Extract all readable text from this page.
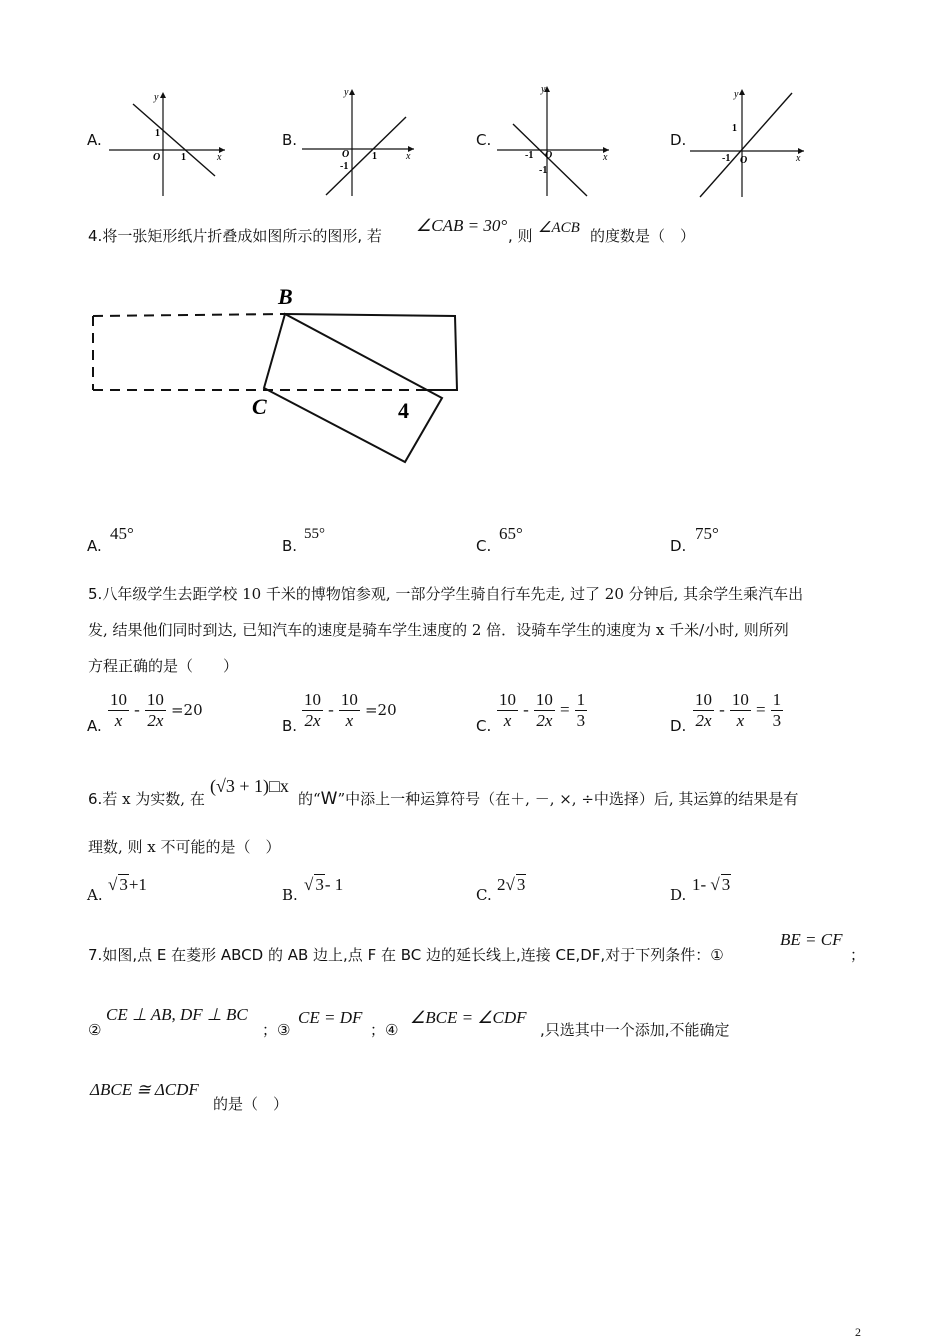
A.	1
O 1	x
y
B.
O 1
-1
x
y
C.
-1 O
-1
x
y
D.
1
-1 O	x
y
4.将一张矩形纸片折叠成如图所示的图形, 若
∠CAB = 30°
, 则 ∠ACB 的度数是（　）
B
C	4
A.
45°
B.
55°
C.
65°
D.
75°
5.八年级学生去距学校 10 千米的博物馆参观, 一部分学生骑自行车先走, 过了 20 分钟后, 其余学生乘汽车出
发, 结果他们同时到达, 已知汽车的速度是骑车学生速度的 2 倍．设骑车学生的速度为 x 千米/小时, 则所列
方程正确的是（　　）
A. $\frac{10}{x} - \frac{10}{2x} =20$
B. $\frac{10}{2x} - \frac{10}{x} =20$
C. $\frac{10}{x} - \frac{10}{2x} = \frac{1}{3}$	D. $\frac{10}{2x} - \frac{10}{x} = \frac{1}{3}$
6.若 x 为实数, 在
(√3 + 1)□x
的“W”中添上一种运算符号（在＋, －, ×, ÷中选择）后, 其运算的结果是有
理数, 则 x 不可能的是（　）
A.
√ 3+1
B.
√ 3- 1
C.
2√ 3
D.
1- √ 3
7.如图,点 E 在菱形 ABCD 的 AB 边上,点 F 在 BC 边的延长线上,连接 CE,DF,对于下列条件：①
BE = CF
；
②
CE ⊥ AB, DF ⊥ BC
；③
CE = DF
；④
∠BCE = ∠CDF
,只选其中一个添加,不能确定
ΔBCE ≅ ΔCDF
的是（　）
2
